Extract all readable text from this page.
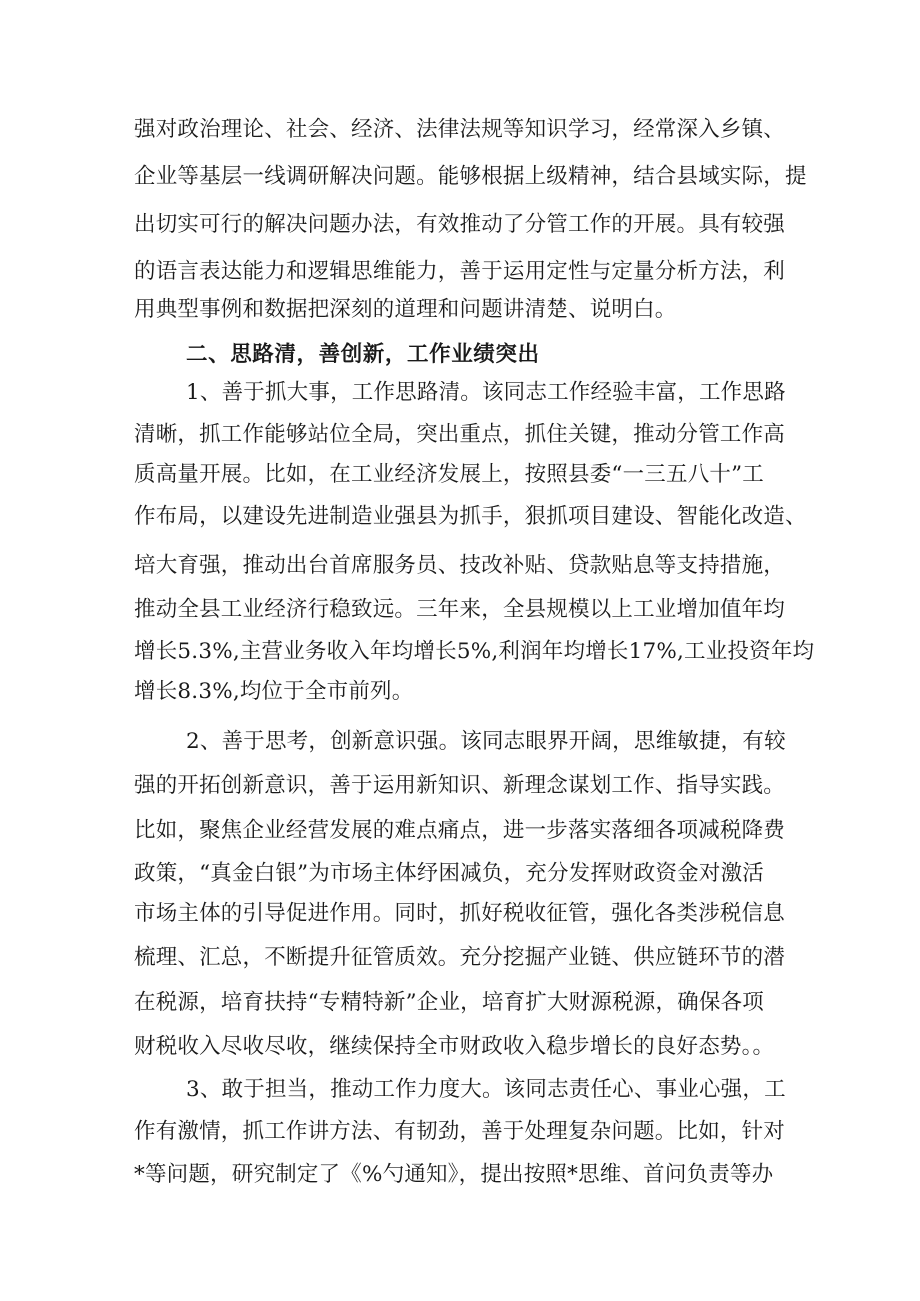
强对政治理论、社会、经济、法律法规等知识学习，经常深入乡镇、
企业等基层一线调研解决问题。能够根据上级精神，结合县域实际，提
出切实可行的解决问题办法，有效推动了分管工作的开展。具有较强
的语言表达能力和逻辑思维能力，善于运用定性与定量分析方法，利
用典型事例和数据把深刻的道理和问题讲清楚、说明白。
二、思路清，善创新，工作业绩突出
1、善于抓大事，工作思路清。该同志工作经验丰富，工作思路
清晰，抓工作能够站位全局，突出重点，抓住关键，推动分管工作高
质高量开展。比如，在工业经济发展上，按照县委“一三五八十”工
作布局，以建设先进制造业强县为抓手，狠抓项目建设、智能化改造、
培大育强，推动出台首席服务员、技改补贴、贷款贴息等支持措施，
推动全县工业经济行稳致远。三年来，全县规模以上工业增加值年均
增长5.3%,主营业务收入年均增长5%,利润年均增长17%,工业投资年均
增长8.3%,均位于全市前列。
2、善于思考，创新意识强。该同志眼界开阔，思维敏捷，有较
强的开拓创新意识，善于运用新知识、新理念谋划工作、指导实践。
比如，聚焦企业经营发展的难点痛点，进一步落实落细各项减税降费
政策，“真金白银”为市场主体纾困减负，充分发挥财政资金对激活
市场主体的引导促进作用。同时，抓好税收征管，强化各类涉税信息
梳理、汇总，不断提升征管质效。充分挖掘产业链、供应链环节的潜
在税源，培育扶持“专精特新”企业，培育扩大财源税源，确保各项
财税收入尽收尽收，继续保持全市财政收入稳步增长的良好态势。。
3、敢于担当，推动工作力度大。该同志责任心、事业心强，工
作有激情，抓工作讲方法、有韧劲，善于处理复杂问题。比如，针对
*等问题，研究制定了《%勺通知》，提出按照*思维、首问负责等办
